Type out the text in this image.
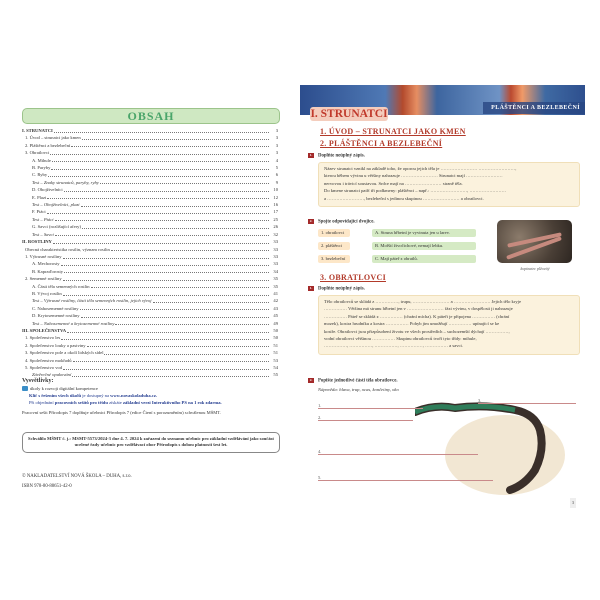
OBSAH
I. STRUNATCI	3
1. Úvod – strunatci jako kmen	3
2. Pláštěnci a bezlebeční	3
3. Obratlovci	3
A. Mihule	4
B. Paryby	5
C. Ryby	6
Test – Znaky strunatců, paryby, ryby	9
D. Obojživelníci	10
E. Plazi	12
Test – Obojživelníci, plazi	16
F. Ptáci	17
Test – Ptáci	25
G. Savci (rozlišující afery)	26
Test – Savci	32
II. ROSTLINY	33
Obecná charakteristika rostlin, význam rostlin	33
1. Výtrusné rostliny	33
A. Mechorosty	33
B. Kapraďorosty	34
2. Semenné rostliny	35
A. Části těla semenných rostlin	35
B. Vývoj rostlin	41
Test – Výtrusné rostliny, části těla semenných rostlin, jejich vývoj	42
C. Nahosemenné rostliny	43
D. Krytosemenné rostliny	45
Test – Nahosemenné a krytosemenné rostliny	49
III. SPOLEČENSTVA	50
1. Společenstvo les	50
2. Společenstvo louky a pastviny	51
3. Společenstvo pole a okolí lidských sídel	51
4. Společenstvo mokřadů	53
5. Společenstvo vod	54
Závěrečné opakování	55
Vysvětlivky:
úkoly k rozvoji digitální kompetence
Klíč s řešením všech úkolů je dostupný na www.novaskoladuha.cz.
Při objednání pracovních sešitů pro třídu získáte základní verzi Interaktivního PS na 1 rok zdarma.
Pracovní sešit Přírodopis 7 doplňuje učebnici Přírodopis 7 (edice Čtení s porozuměním) schválenou MŠMT.
Schválilo MŠMT č. j.: MSMT-5573/2024-3 dne 4. 7. 2024 k zařazení do seznamu učebnic pro základní vzdělávání jako součást ucelené řady učebnic pro vzdělávací obor Přírodopis s dobou platnosti šest let.
© NAKLADATELSTVÍ NOVÁ ŠKOLA – DUHA, s.r.o.
ISBN 978-80-88651-42-0
PLÁŠTĚNCI A BEZLEBEČNÍ
I. STRUNATCI
1. ÚVOD – STRUNATCI JAKO KMEN
2. PLÁŠTĚNCI A BEZLEBEČNÍ
1. Doplňte neúplný zápis.
Název strunatci vznikl na základě toho, že oporou jejich těla je …………………… ……………………,
kterou během vývinu u většiny nahrazuje …………………… Strunatci mají ……………………
nervovou i trávicí soustavou. Srdce mají na …………………… straně těla.
Do kmene strunatci patří tři podkmeny: pláštěnci – např.: ……………………, ……………………
a ……………………, bezlebeční s jedinou skupinou …………………… a obratlovci.
2. Spojte odpovídající dvojice.
1. obratlovci
2. pláštěnci
3. bezlebeční
A. Struna hřbetní je vyvinuta jen u larev.
B. Mořští živočichové, nemají lebku.
C. Mají páteř z obratlů.
kopinatec plžovitý
3. OBRATLOVCI
1. Doplňte neúplný zápis.
Tělo obratlovců se skládá z ……………, trupu, …………………… a …………………… Jejich tělo kryje
…………… Většina má strunu hřbetní jen v …………………… fázi vývinu, v dospělosti ji nahrazuje
…………… Páteř se skládá z …………… (chrání mícha). K páteři je připojena …………… (chrání
mozek), kostra hrudníku a kostra …………… Pohyb jim umožňují …………… upínající se ke
kostře. Obratlovci jsou přizpůsobení životu ve všech prostředích – suchozemští dýchají ……………,
vodní obratlovci většinou …………… Skupinu obratlovců tvoří tyto třídy: mihule,
……………, ……………, ……………, ……………, …………… a savci.
2. Popište jednotlivé části těla obratlovce.
Nápověda: hlava, trup, ocas, končetiny, oko
1.
2.
3.
4.
5.
3
